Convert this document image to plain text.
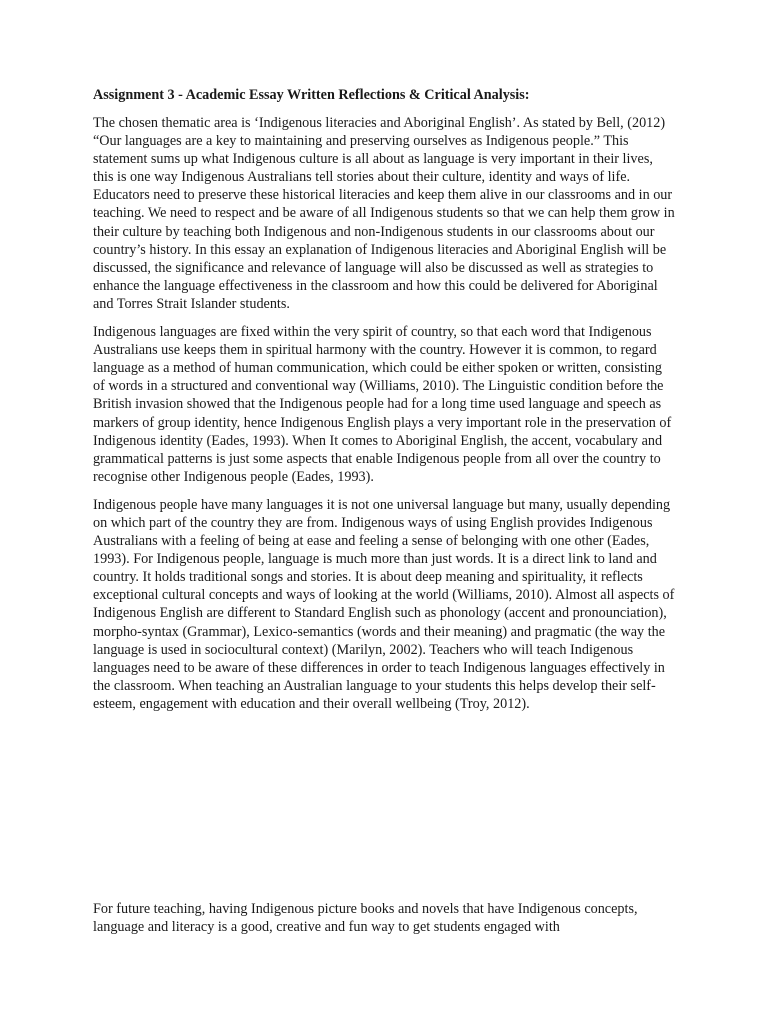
Assignment 3 - Academic Essay Written Reflections & Critical Analysis:

The chosen thematic area is ‘Indigenous literacies and Aboriginal English’. As stated by Bell, (2012) “Our languages are a key to maintaining and preserving ourselves as Indigenous people.” This statement sums up what Indigenous culture is all about as language is very important in their lives, this is one way Indigenous Australians tell stories about their culture, identity and ways of life. Educators need to preserve these historical literacies and keep them alive in our classrooms and in our teaching. We need to respect and be aware of all Indigenous students so that we can help them grow in their culture by teaching both Indigenous and non-Indigenous students in our classrooms about our country’s history. In this essay an explanation of Indigenous literacies and Aboriginal English will be discussed, the significance and relevance of language will also be discussed as well as strategies to enhance the language effectiveness in the classroom and how this could be delivered for Aboriginal and Torres Strait Islander students.

Indigenous languages are fixed within the very spirit of country, so that each word that Indigenous Australians use keeps them in spiritual harmony with the country. However it is common, to regard language as a method of human communication, which could be either spoken or written, consisting of words in a structured and conventional way (Williams, 2010). The Linguistic condition before the British invasion showed that the Indigenous people had for a long time used language and speech as markers of group identity, hence Indigenous English plays a very important role in the preservation of Indigenous identity (Eades, 1993). When It comes to Aboriginal English, the accent, vocabulary and grammatical patterns is just some aspects that enable Indigenous people from all over the country to recognise other Indigenous people (Eades, 1993).

Indigenous people have many languages it is not one universal language but many, usually depending on which part of the country they are from. Indigenous ways of using English provides Indigenous Australians with a feeling of being at ease and feeling a sense of belonging with one other (Eades, 1993). For Indigenous people, language is much more than just words. It is a direct link to land and country. It holds traditional songs and stories. It is about deep meaning and spirituality, it reflects exceptional cultural concepts and ways of looking at the world (Williams, 2010). Almost all aspects of Indigenous English are different to Standard English such as phonology (accent and pronounciation), morpho-syntax (Grammar), Lexico-semantics (words and their meaning) and pragmatic (the way the language is used in sociocultural context) (Marilyn, 2002). Teachers who will teach Indigenous languages need to be aware of these differences in order to teach Indigenous languages effectively in the classroom. When teaching an Australian language to your students this helps develop their self-esteem, engagement with education and their overall wellbeing (Troy, 2012).

For future teaching, having Indigenous picture books and novels that have Indigenous concepts, language and literacy is a good, creative and fun way to get students engaged with
